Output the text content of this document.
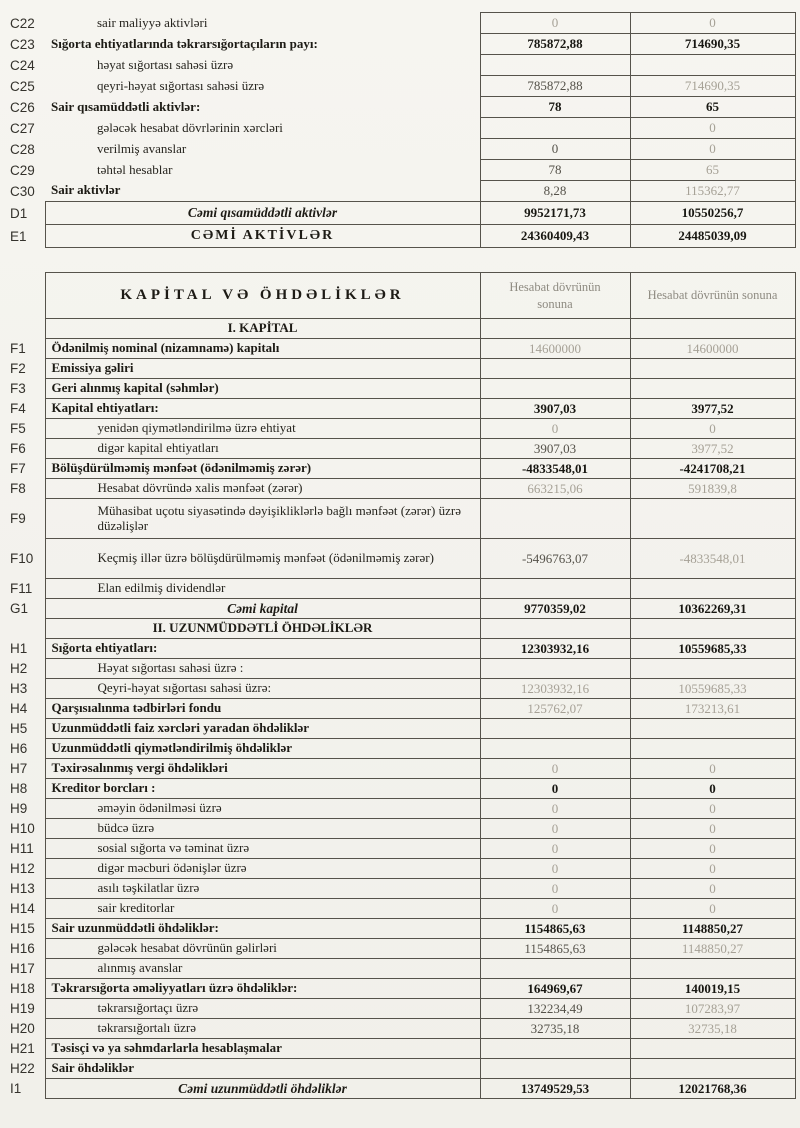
C22	sair maliyyə aktivləri	0	0
C23	Sığorta ehtiyatlarında təkrarsığortaçıların payı:	785872,88	714690,35
C24	həyat sığortası sahəsi üzrə		
C25	qeyri-həyat sığortası sahəsi üzrə	785872,88	714690,35
C26	Sair qısamüddətli aktivlər:	78	65
C27	gələcək hesabat dövrlərinin xərcləri		0
C28	verilmiş avanslar	0	0
C29	təhtəl hesablar	78	65
C30	Sair aktivlər	8,28	115362,77
D1	Cəmi qısamüddətli aktivlər	9952171,73	10550256,7
E1	CƏMİ AKTİVLƏR	24360409,43	24485039,09
	KAPİTAL VƏ ÖHDƏLİKLƏR	Hesabat dövrünün sonuna	Hesabat dövrünün sonuna
	I. KAPİTAL		
F1	Ödənilmiş nominal (nizamnamə) kapitalı	14600000	14600000
F2	Emissiya gəliri		
F3	Geri alınmış kapital (səhmlər)		
F4	Kapital ehtiyatları:	3907,03	3977,52
F5	yenidən qiymətləndirilmə üzrə ehtiyat	0	0
F6	digər kapital ehtiyatları	3907,03	3977,52
F7	Bölüşdürülməmiş mənfəət (ödənilməmiş zərər)	-4833548,01	-4241708,21
F8	Hesabat dövründə xalis mənfəət (zərər)	663215,06	591839,8
F9	Mühasibat uçotu siyasətində dəyişikliklərlə bağlı mənfəət (zərər) üzrə düzəlişlər		
F10	Keçmiş illər üzrə bölüşdürülməmiş mənfəət (ödənilməmiş zərər)	-5496763,07	-4833548,01
F11	Elan edilmiş dividendlər		
G1	Cəmi kapital	9770359,02	10362269,31
	II. UZUNMÜDDƏTLİ ÖHDƏLİKLƏR		
H1	Sığorta ehtiyatları:	12303932,16	10559685,33
H2	Həyat sığortası sahəsi üzrə :		
H3	Qeyri-həyat sığortası sahəsi üzrə:	12303932,16	10559685,33
H4	Qarşısıalınma tədbirləri fondu	125762,07	173213,61
H5	Uzunmüddətli faiz xərcləri yaradan öhdəliklər		
H6	Uzunmüddətli qiymətləndirilmiş öhdəliklər		
H7	Təxirəsalınmış vergi öhdəlikləri	0	0
H8	Kreditor borcları :	0	0
H9	əməyin ödənilməsi üzrə	0	0
H10	büdcə üzrə	0	0
H11	sosial sığorta və təminat üzrə	0	0
H12	digər məcburi ödənişlər üzrə	0	0
H13	asılı təşkilatlar üzrə	0	0
H14	sair kreditorlar	0	0
H15	Sair uzunmüddətli öhdəliklər:	1154865,63	1148850,27
H16	gələcək hesabat dövrünün gəlirləri	1154865,63	1148850,27
H17	alınmış avanslar		
H18	Təkrarsığorta əməliyyatları üzrə öhdəliklər:	164969,67	140019,15
H19	təkrarsığortaçı üzrə	132234,49	107283,97
H20	təkrarsığortalı üzrə	32735,18	32735,18
H21	Təsisçi və ya səhmdarlarla hesablaşmalar		
H22	Sair öhdəliklər		
I1	Cəmi uzunmüddətli öhdəliklər	13749529,53	12021768,36
